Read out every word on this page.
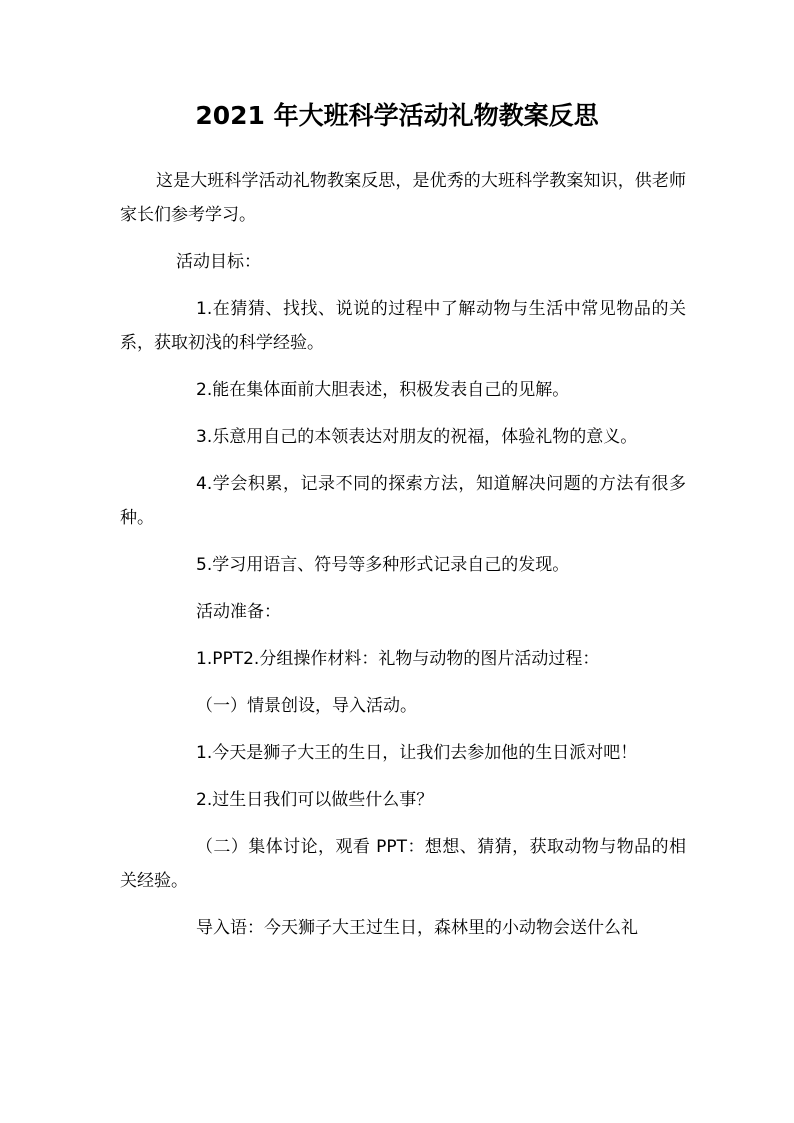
2021 年大班科学活动礼物教案反思

这是大班科学活动礼物教案反思，是优秀的大班科学教案知识，供老师家长们参考学习。

活动目标：

1.在猜猜、找找、说说的过程中了解动物与生活中常见物品的关系，获取初浅的科学经验。

2.能在集体面前大胆表述，积极发表自己的见解。

3.乐意用自己的本领表达对朋友的祝福，体验礼物的意义。

4.学会积累，记录不同的探索方法，知道解决问题的方法有很多种。

5.学习用语言、符号等多种形式记录自己的发现。

活动准备：

1.PPT2.分组操作材料：礼物与动物的图片活动过程：

（一）情景创设，导入活动。

1.今天是狮子大王的生日，让我们去参加他的生日派对吧！

2.过生日我们可以做些什么事？

（二）集体讨论，观看 PPT：想想、猜猜，获取动物与物品的相关经验。

导入语：今天狮子大王过生日，森林里的小动物会送什么礼
